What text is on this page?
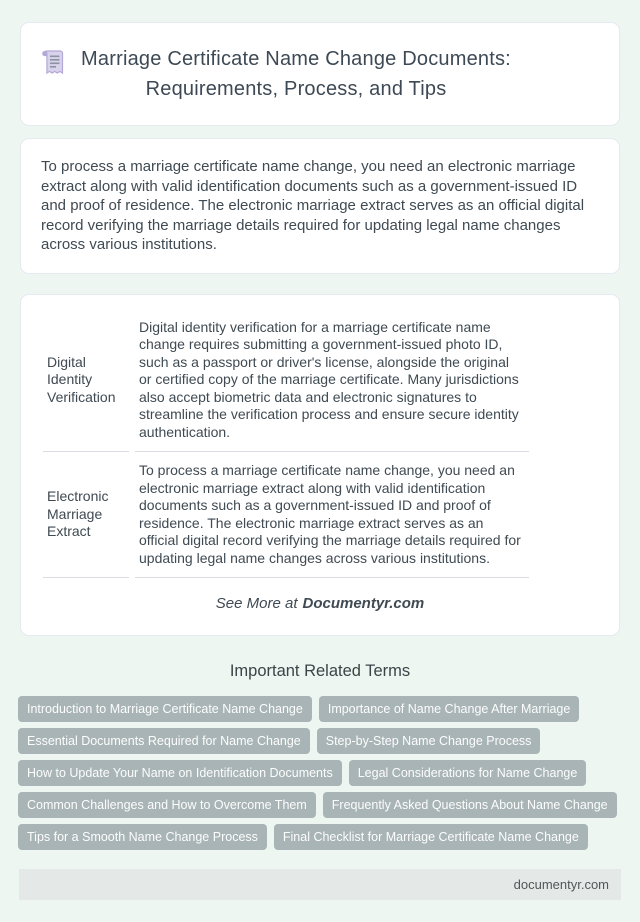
Marriage Certificate Name Change Documents: Requirements, Process, and Tips

To process a marriage certificate name change, you need an electronic marriage extract along with valid identification documents such as a government-issued ID and proof of residence. The electronic marriage extract serves as an official digital record verifying the marriage details required for updating legal name changes across various institutions.

Digital Identity Verification	Digital identity verification for a marriage certificate name change requires submitting a government-issued photo ID, such as a passport or driver's license, alongside the original or certified copy of the marriage certificate. Many jurisdictions also accept biometric data and electronic signatures to streamline the verification process and ensure secure identity authentication.
Electronic Marriage Extract	To process a marriage certificate name change, you need an electronic marriage extract along with valid identification documents such as a government-issued ID and proof of residence. The electronic marriage extract serves as an official digital record verifying the marriage details required for updating legal name changes across various institutions.
See More at Documentyr.com
Important Related Terms
Introduction to Marriage Certificate Name Change	Importance of Name Change After Marriage
Essential Documents Required for Name Change	Step-by-Step Name Change Process
How to Update Your Name on Identification Documents	Legal Considerations for Name Change
Common Challenges and How to Overcome Them	Frequently Asked Questions About Name Change
Tips for a Smooth Name Change Process	Final Checklist for Marriage Certificate Name Change
documentyr.com
